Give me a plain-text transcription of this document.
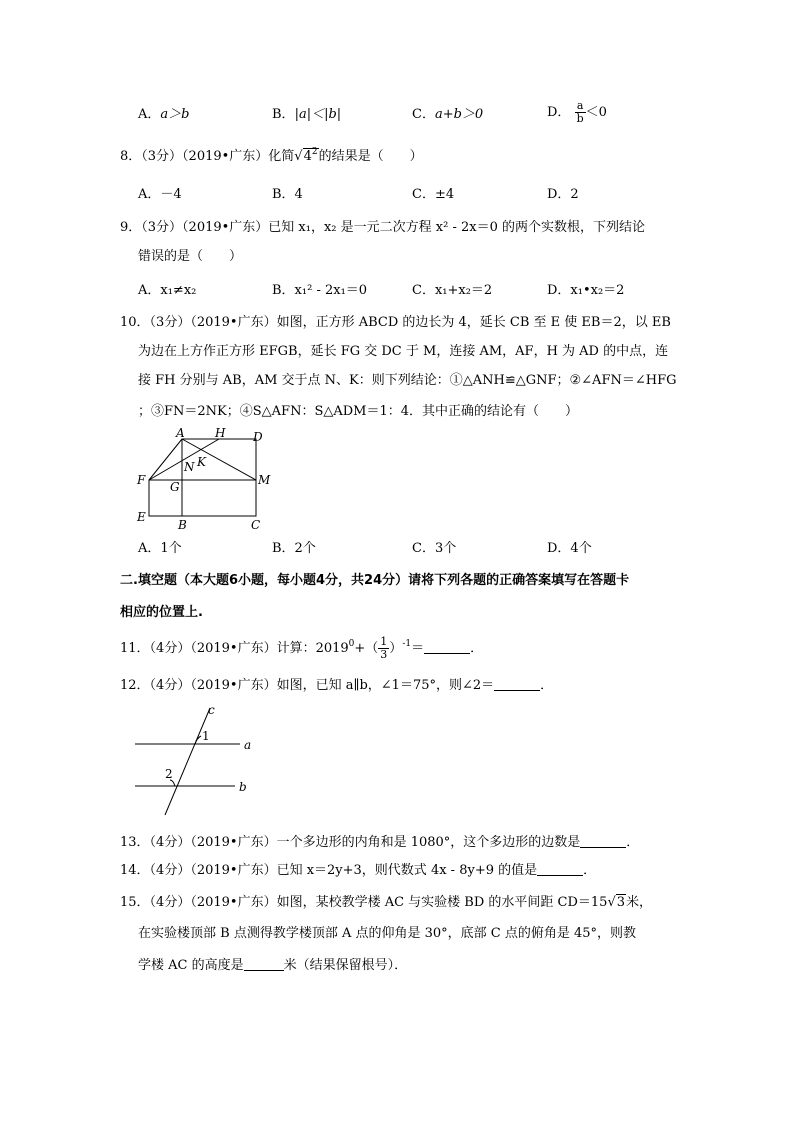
A．a＞b	B．|a|＜|b|	C．a+b＞0	D． $\frac{a}{b} <0$
8．（3分）（2019•广东）化简$√4^2$的结果是（　　）
A．－4	B．4	C．±4	D．2
9．（3分）（2019•广东）已知 x₁，x₂ 是一元二次方程 x² - 2x＝0 的两个实数根，下列结论
错误的是（　　）
A．x₁≠x₂	B．x₁² - 2x₁＝0	C．x₁+x₂＝2	D．x₁•x₂＝2
10．（3分）（2019•广东）如图，正方形 ABCD 的边长为 4，延长 CB 至 E 使 EB＝2，以 EB
为边在上方作正方形 EFGB，延长 FG 交 DC 于 M，连接 AM，AF，H 为 AD 的中点，连
接 FH 分别与 AB，AM 交于点 N、K：则下列结论：①△ANH≌△GNF；②∠AFN＝∠HFG
；③FN＝2NK；④S△AFN：S△ADM＝1：4．其中正确的结论有（　　）
A	H D
N K
F G	M
E
B	C
A．1个	B．2个	C．3个	D．4个
二.填空题（本大题6小题，每小题4分，共24分）请将下列各题的正确答案填写在答题卡
相应的位置上.
11．（4分）（2019•广东）计算：$2019^0+( \frac{1}{3} )^{-1}=$	．
12．（4分）（2019•广东）如图，已知 a∥b，∠1＝75°，则∠2＝	．
c
a
b
1
2
13．（4分）（2019•广东）一个多边形的内角和是 1080°，这个多边形的边数是	．
14．（4分）（2019•广东）已知 x＝2y+3，则代数式 4x - 8y+9 的值是	．
15．（4分）（2019•广东）如图，某校教学楼 AC 与实验楼 BD 的水平间距 CD＝15√3米，
在实验楼顶部 B 点测得教学楼顶部 A 点的仰角是 30°，底部 C 点的俯角是 45°，则教
学楼 AC 的高度是	米（结果保留根号）．
